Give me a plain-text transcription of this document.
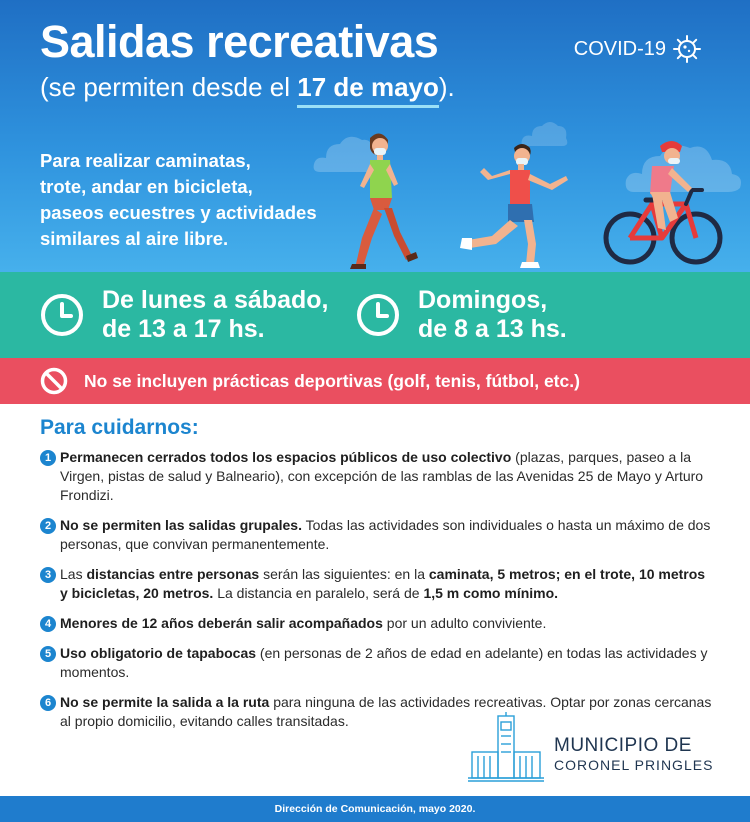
Salidas recreativas
(se permiten desde el 17 de mayo).
COVID-19
Para realizar caminatas,
trote, andar en bicicleta,
paseos ecuestres y actividades
similares al aire libre.
De lunes a sábado,
de 13 a 17 hs.
Domingos,
de 8 a 13 hs.
No se incluyen prácticas deportivas (golf, tenis, fútbol, etc.)
Para cuidarnos:
1 Permanecen cerrados todos los espacios públicos de uso colectivo (plazas, parques, paseo a la Virgen, pistas de salud y Balneario), con excepción de las ramblas de las Avenidas 25 de Mayo y Arturo Frondizi.
2 No se permiten las salidas grupales. Todas las actividades son individuales o hasta un máximo de dos personas, que convivan permanentemente.
3 Las distancias entre personas serán las siguientes: en la caminata, 5 metros; en el trote, 10 metros y bicicletas, 20 metros. La distancia en paralelo, será de 1,5 m como mínimo.
4 Menores de 12 años deberán salir acompañados por un adulto conviviente.
5 Uso obligatorio de tapabocas (en personas de 2 años de edad en adelante) en todas las actividades y momentos.
6 No se permite la salida a la ruta para ninguna de las actividades recreativas. Optar por zonas cercanas al propio domicilio, evitando calles transitadas.
MUNICIPIO DE
CORONEL PRINGLES
Dirección de Comunicación, mayo 2020.
